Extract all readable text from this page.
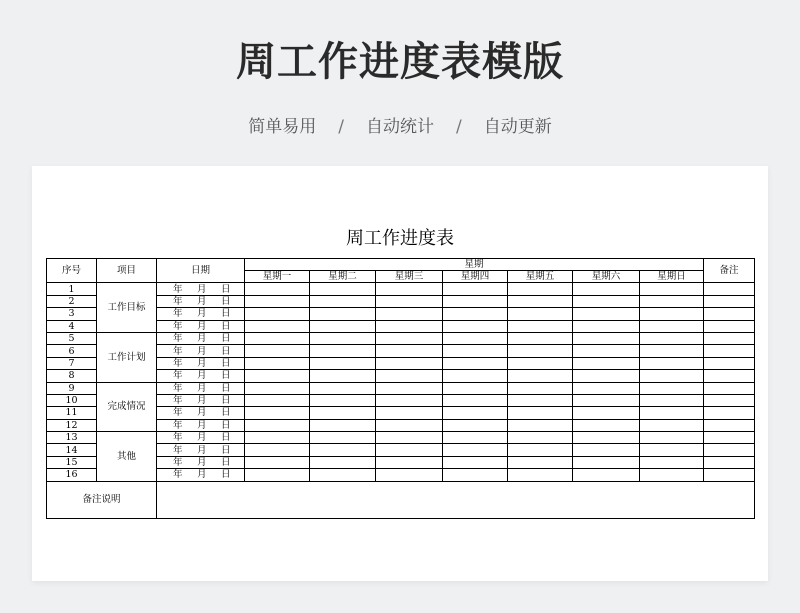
周工作进度表模版
简单易用 / 自动统计 / 自动更新
周工作进度表
序号	项目	日期	星期							备注
			星期一	星期二	星期三	星期四	星期五	星期六	星期日	
1	工作目标	年 月 日								
2		年 月 日								
3		年 月 日								
4		年 月 日								
5	工作计划	年 月 日								
6		年 月 日								
7		年 月 日								
8		年 月 日								
9	完成情况	年 月 日								
10		年 月 日								
11		年 月 日								
12		年 月 日								
13	其他	年 月 日								
14		年 月 日								
15		年 月 日								
16		年 月 日								
备注说明										
